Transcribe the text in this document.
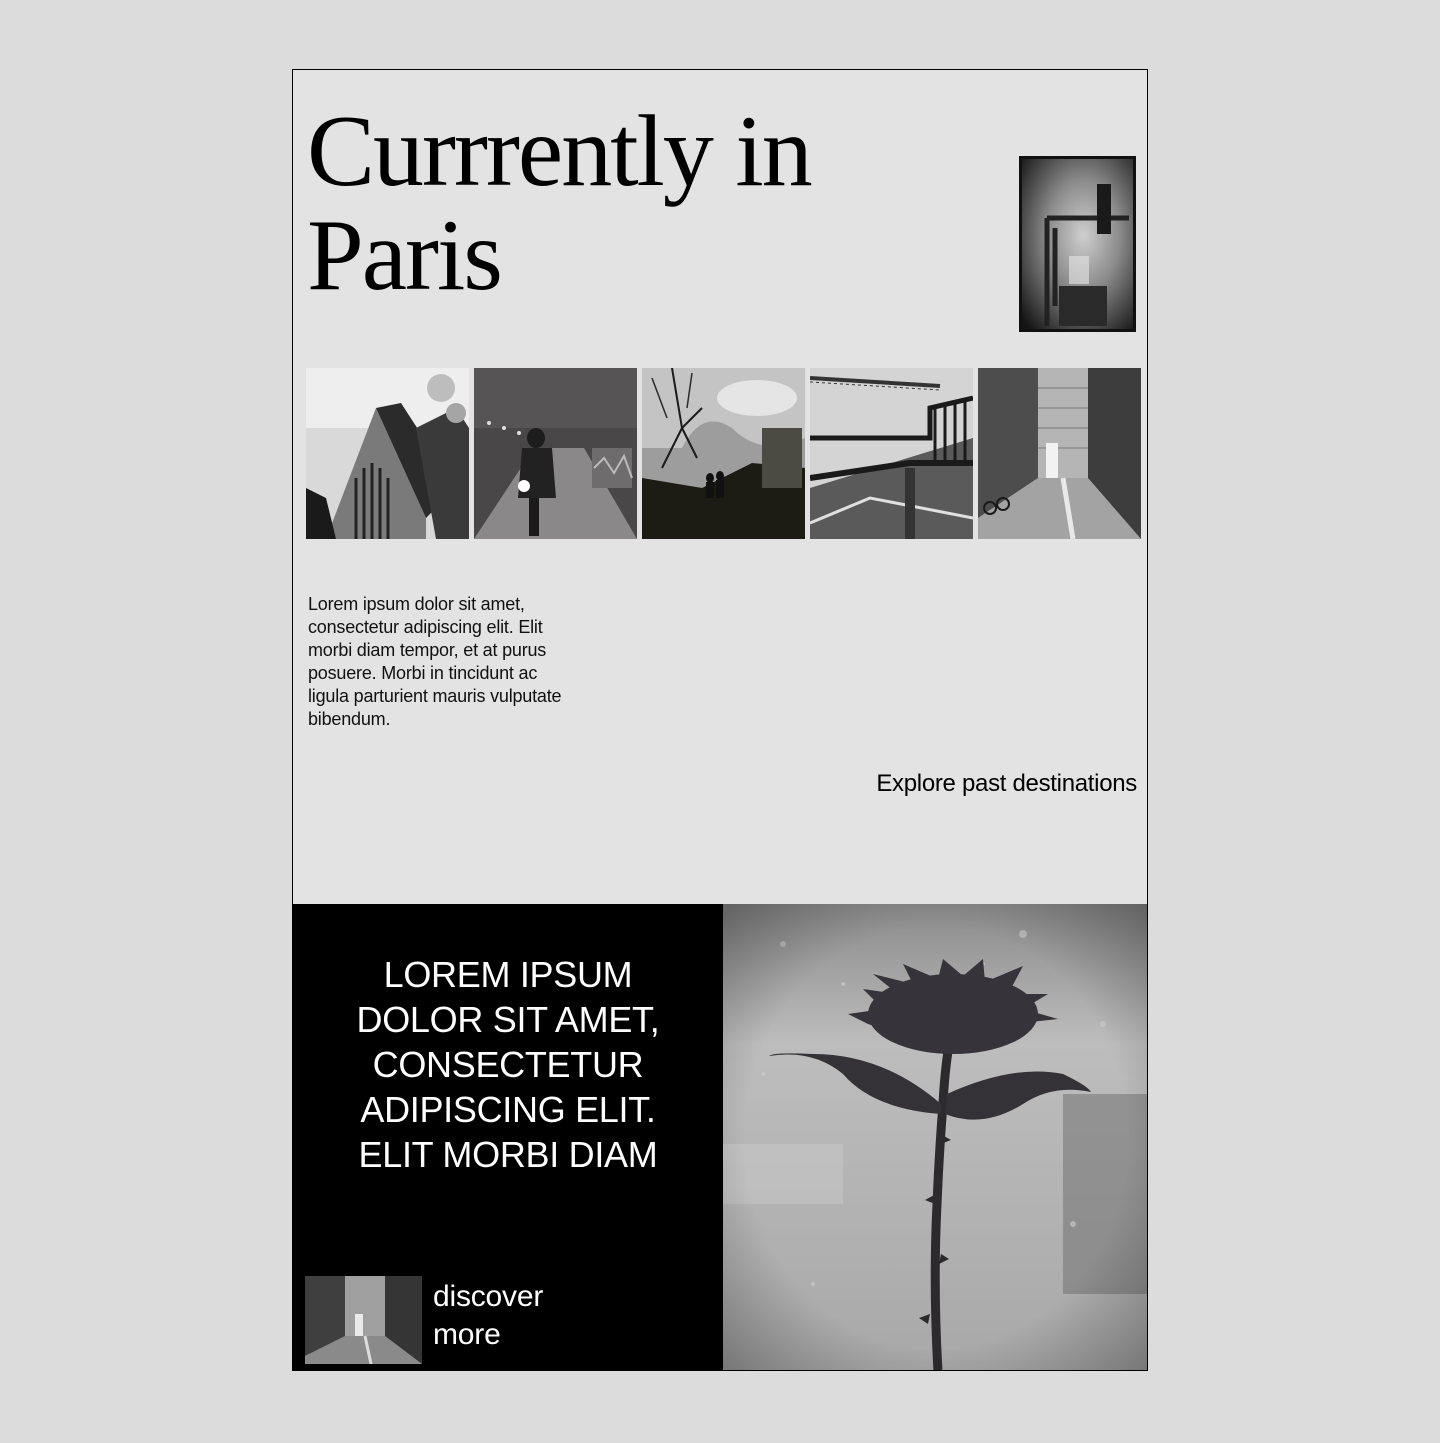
Currrently in
Paris

Lorem ipsum dolor sit amet, consectetur adipiscing elit. Elit morbi diam tempor, et at purus posuere. Morbi in tincidunt ac ligula parturient mauris vulputate bibendum.

Explore past destinations
LOREM IPSUM
DOLOR SIT AMET,
CONSECTETUR
ADIPISCING ELIT.
ELIT MORBI DIAM
discover
more
